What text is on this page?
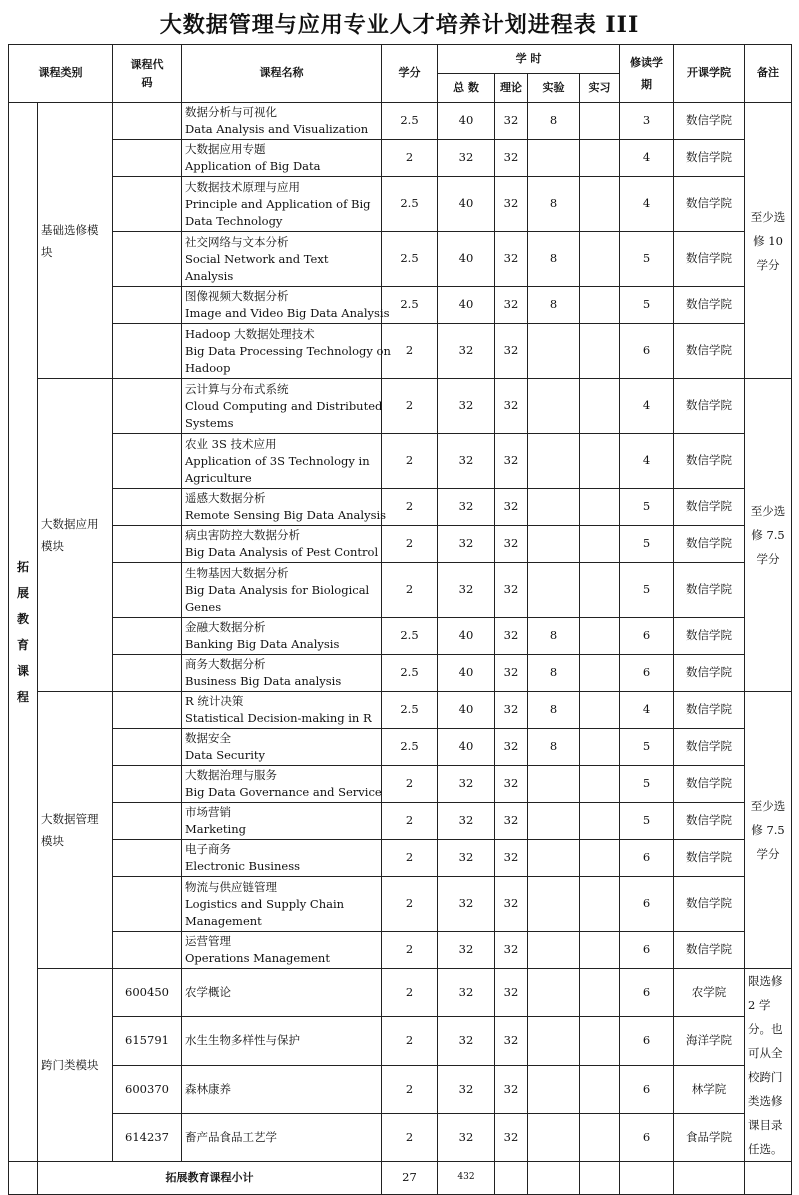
大数据管理与应用专业人才培养计划进程表 III
课程类别		课程代码	课程名称	学分	学 时				修读学期	开课学院	备注
					总 数	理论	实验	实习			

拓展教育课程	基础选修模块		数据分析与可视化
Data Analysis and Visualization	2.5	40	32	8		3	数信学院	至少选修 10 学分

			大数据应用专题
Application of Big Data	2	32	32			4	数信学院	

			大数据技术原理与应用
Principle and Application of Big
Data Technology	2.5	40	32	8		4	数信学院	

			社交网络与文本分析
Social Network and Text
Analysis	2.5	40	32	8		5	数信学院	

			图像视频大数据分析
Image and Video Big Data Analysis	2.5	40	32	8		5	数信学院	

			Hadoop 大数据处理技术
Big Data Processing Technology on
Hadoop	2	32	32			6	数信学院	
	大数据应用模块		云计算与分布式系统
Cloud Computing and Distributed
Systems	2	32	32			4	数信学院	至少选修 7.5 学分

			农业 3S 技术应用
Application of 3S Technology in
Agriculture	2	32	32			4	数信学院	

			遥感大数据分析
Remote Sensing Big Data Analysis	2	32	32			5	数信学院	

			病虫害防控大数据分析
Big Data Analysis of Pest Control	2	32	32			5	数信学院	

			生物基因大数据分析
Big Data Analysis for Biological
Genes	2	32	32			5	数信学院	

			金融大数据分析
Banking Big Data Analysis	2.5	40	32	8		6	数信学院	

			商务大数据分析
Business Big Data analysis	2.5	40	32	8		6	数信学院	
	大数据管理模块		R 统计决策
Statistical Decision-making in R	2.5	40	32	8		4	数信学院	至少选修 7.5 学分

			数据安全
Data Security	2.5	40	32	8		5	数信学院	

			大数据治理与服务
Big Data Governance and Service	2	32	32			5	数信学院	

			市场营销
Marketing	2	32	32			5	数信学院	

			电子商务
Electronic Business	2	32	32			6	数信学院	

			物流与供应链管理
Logistics and Supply Chain
Management	2	32	32			6	数信学院	

			运营管理
Operations Management	2	32	32			6	数信学院	
	跨门类模块	600450	农学概论	2	32	32			6	农学院	限选修 2 学分。也可从全校跨门类选修课目录任选。
		615791	水生生物多样性与保护	2	32	32			6	海洋学院	
		600370	森林康养	2	32	32			6	林学院	
		614237	畜产品食品工艺学	2	32	32			6	食品学院	
	拓展教育课程小计			27	432						
